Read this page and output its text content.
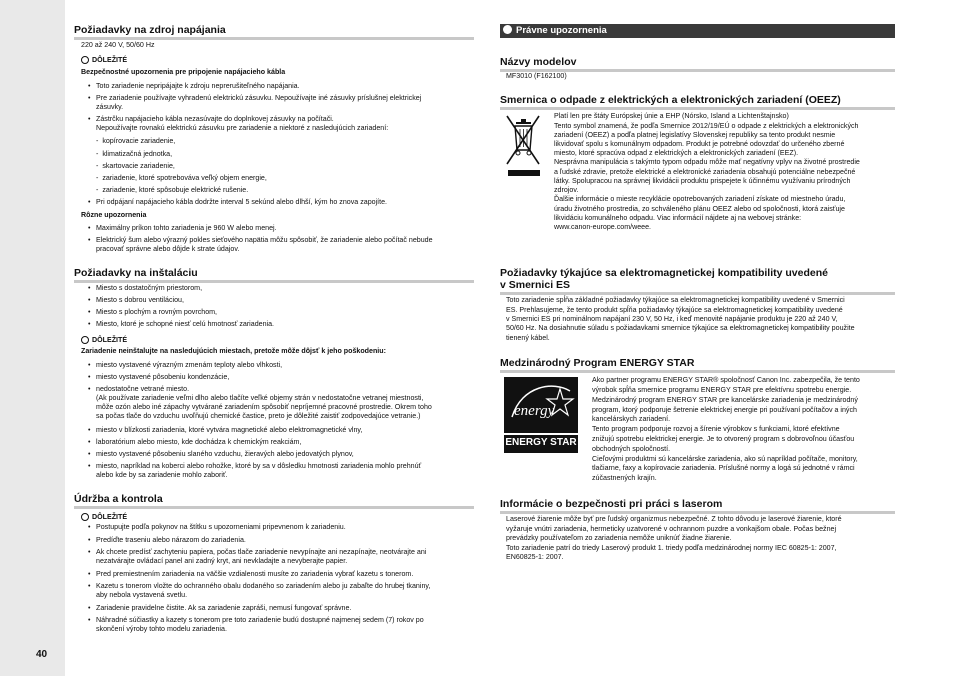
40
Požiadavky na zdroj napájania
220 až 240 V, 50/60 Hz
DÔLEŽITÉ
Bezpečnostné upozornenia pre pripojenie napájacieho kábla
• Toto zariadenie nepripájajte k zdroju neprerušiteľného napájania.
• Pre zariadenie používajte vyhradenú elektrickú zásuvku. Nepoužívajte iné zásuvky príslušnej elektrickej
zásuvky.
• Zástrčku napájacieho kábla nezasúvajte do doplnkovej zásuvky na počítači.
Nepoužívajte rovnakú elektrickú zásuvku pre zariadenie a niektoré z nasledujúcich zariadení:
-  kopírovacie zariadenie,
-  klimatizačná jednotka,
-  skartovacie zariadenie,
-  zariadenie, ktoré spotrebováva veľký objem energie,
-  zariadenie, ktoré spôsobuje elektrické rušenie.
• Pri odpájaní napájacieho kábla dodržte interval 5 sekúnd alebo dlhší, kým ho znova zapojíte.
Rôzne upozornenia
• Maximálny príkon tohto zariadenia je 960 W alebo menej.
• Elektrický šum alebo výrazný pokles sieťového napätia môžu spôsobiť, že zariadenie alebo počítač nebude
pracovať správne alebo dôjde k strate údajov.
Požiadavky na inštaláciu
• Miesto s dostatočným priestorom,
• Miesto s dobrou ventiláciou,
• Miesto s plochým a rovným povrchom,
• Miesto, ktoré je schopné niesť celú hmotnosť zariadenia.
DÔLEŽITÉ
Zariadenie neinštalujte na nasledujúcich miestach, pretože môže dôjsť k jeho poškodeniu:
• miesto vystavené výrazným zmenám teploty alebo vlhkosti,
• miesto vystavené pôsobeniu kondenzácie,
• nedostatočne vetrané miesto.
(Ak používate zariadenie veľmi dlho alebo tlačíte veľké objemy strán v nedostatočne vetranej miestnosti,
môže ozón alebo iné zápachy vytvárané zariadením spôsobiť nepríjemné pracovné prostredie. Okrem toho
sa počas tlače do vzduchu uvoľňujú chemické častice, preto je dôležité zaistiť zodpovedajúce vetranie.)
• miesto v blízkosti zariadenia, ktoré vytvára magnetické alebo elektromagnetické vlny,
• laboratórium alebo miesto, kde dochádza k chemickým reakciám,
• miesto vystavené pôsobeniu slaného vzduchu, žieravých alebo jedovatých plynov,
• miesto, napríklad na koberci alebo rohožke, ktoré by sa v dôsledku hmotnosti zariadenia mohlo prehnúť
alebo kde by sa zariadenie mohlo zaboriť.
Údržba a kontrola
DÔLEŽITÉ
• Postupujte podľa pokynov na štítku s upozorneniami pripevnenom k zariadeniu.
• Predíďte traseniu alebo nárazom do zariadenia.
• Ak chcete predísť zachyteniu papiera, počas tlače zariadenie nevypínajte ani nezapínajte, neotvárajte ani
nezatvárajte ovládací panel ani zadný kryt, ani nevkladajte a nevyberajte papier.
• Pred premiestnením zariadenia na väčšie vzdialenosti musíte zo zariadenia vybrať kazetu s tonerom.
• Kazetu s tonerom vložte do ochranného obalu dodaného so zariadením alebo ju zabaľte do hrubej tkaniny,
aby nebola vystavená svetlu.
• Zariadenie pravidelne čistite. Ak sa zariadenie zapráši, nemusí fungovať správne.
• Náhradné súčiastky a kazety s tonerom pre toto zariadenie budú dostupné najmenej sedem (7) rokov po
skončení výroby tohto modelu zariadenia.
Právne upozornenia
Názvy modelov
MF3010 (F162100)
Smernica o odpade z elektrických a elektronických zariadení (OEEZ)
Platí len pre štáty Európskej únie a EHP (Nórsko, Island a Lichtenštajnsko)
Tento symbol znamená, že podľa Smernice 2012/19/EÚ o odpade z elektrických a elektronických
zariadení (OEEZ) a podľa platnej legislatívy Slovenskej republiky sa tento produkt nesmie
likvidovať spolu s komunálnym odpadom. Produkt je potrebné odovzdať do určeného zberné
miesto, ktoré spracúva odpad z elektrických a elektronických zariadení (EEZ).
Nesprávna manipulácia s takýmto typom odpadu môže mať negatívny vplyv na životné prostredie
a ľudské zdravie, pretože elektrické a elektronické zariadenia obsahujú potenciálne nebezpečné
látky. Spolupracou na správnej likvidácii produktu prispejete k účinnému využívaniu prírodných
zdrojov.
Ďalšie informácie o mieste recyklácie opotrebovaných zariadení získate od miestneho úradu,
úradu životného prostredia, zo schváleného plánu OEEZ alebo od spoločnosti, ktorá zaisťuje
likvidáciu komunálneho odpadu. Viac informácií nájdete aj na webovej stránke:
www.canon-europe.com/weee.
Požiadavky týkajúce sa elektromagnetickej kompatibility uvedené
v Smernici ES
Toto zariadenie spĺňa základné požiadavky týkajúce sa elektromagnetickej kompatibility uvedené v Smernici
ES. Prehlasujeme, že tento produkt spĺňa požiadavky týkajúce sa elektromagnetickej kompatibility uvedené
v Smernici ES pri nominálnom napájaní 230 V, 50 Hz, i keď menovité napájanie produktu je 220 až 240 V,
50/60 Hz. Na dosiahnutie súladu s požiadavkami smernice týkajúce sa elektromagnetickej kompatibility použite
tienený kábel.
Medzinárodný Program ENERGY STAR
energy
ENERGY STAR
Ako partner programu ENERGY STAR® spoločnosť Canon Inc. zabezpečila, že tento
výrobok spĺňa smernice programu ENERGY STAR pre efektívnu spotrebu energie.
Medzinárodný program ENERGY STAR pre kancelárske zariadenia je medzinárodný
program, ktorý podporuje šetrenie elektrickej energie pri používaní počítačov a iných
kancelárskych zariadení.
Tento program podporuje rozvoj a šírenie výrobkov s funkciami, ktoré efektívne
znižujú spotrebu elektrickej energie. Je to otvorený program s dobrovoľnou účasťou
obchodných spoločností.
Cieľovými produktmi sú kancelárske zariadenia, ako sú napríklad počítače, monitory,
tlačiarne, faxy a kopírovacie zariadenia. Príslušné normy a logá sú jednotné v rámci
zúčastnených krajín.
Informácie o bezpečnosti pri práci s laserom
Laserové žiarenie môže byť pre ľudský organizmus nebezpečné. Z tohto dôvodu je laserové žiarenie, ktoré
vyžaruje vnútri zariadenia, hermeticky uzatvorené v ochrannom puzdre a vonkajšom obale. Počas bežnej
prevádzky používateľom zo zariadenia nemôže uniknúť žiadne žiarenie.
Toto zariadenie patrí do triedy Laserový produkt 1. triedy podľa medzinárodnej normy IEC 60825-1: 2007,
EN60825-1: 2007.
